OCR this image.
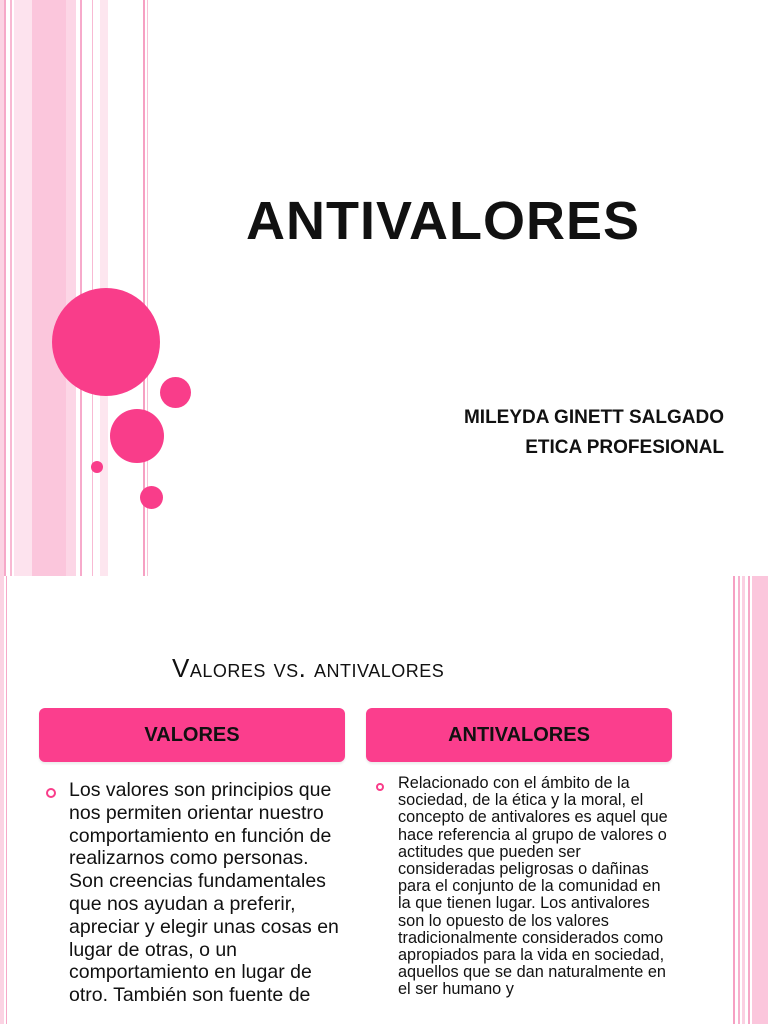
ANTIVALORES
MILEYDA GINETT SALGADO
ETICA PROFESIONAL
Valores vs. antivalores
VALORES	ANTIVALORES
Los valores son principios que nos permiten orientar nuestro comportamiento en función de realizarnos como personas. Son creencias fundamentales que nos ayudan a preferir, apreciar y elegir unas cosas en lugar de otras, o un comportamiento en lugar de otro. También son fuente de
Relacionado con el ámbito de la sociedad, de la ética y la moral, el concepto de antivalores es aquel que hace referencia al grupo de valores o actitudes que pueden ser consideradas peligrosas o dañinas para el conjunto de la comunidad en la que tienen lugar. Los antivalores son lo opuesto de los valores tradicionalmente considerados como apropiados para la vida en sociedad, aquellos que se dan naturalmente en el ser humano y
